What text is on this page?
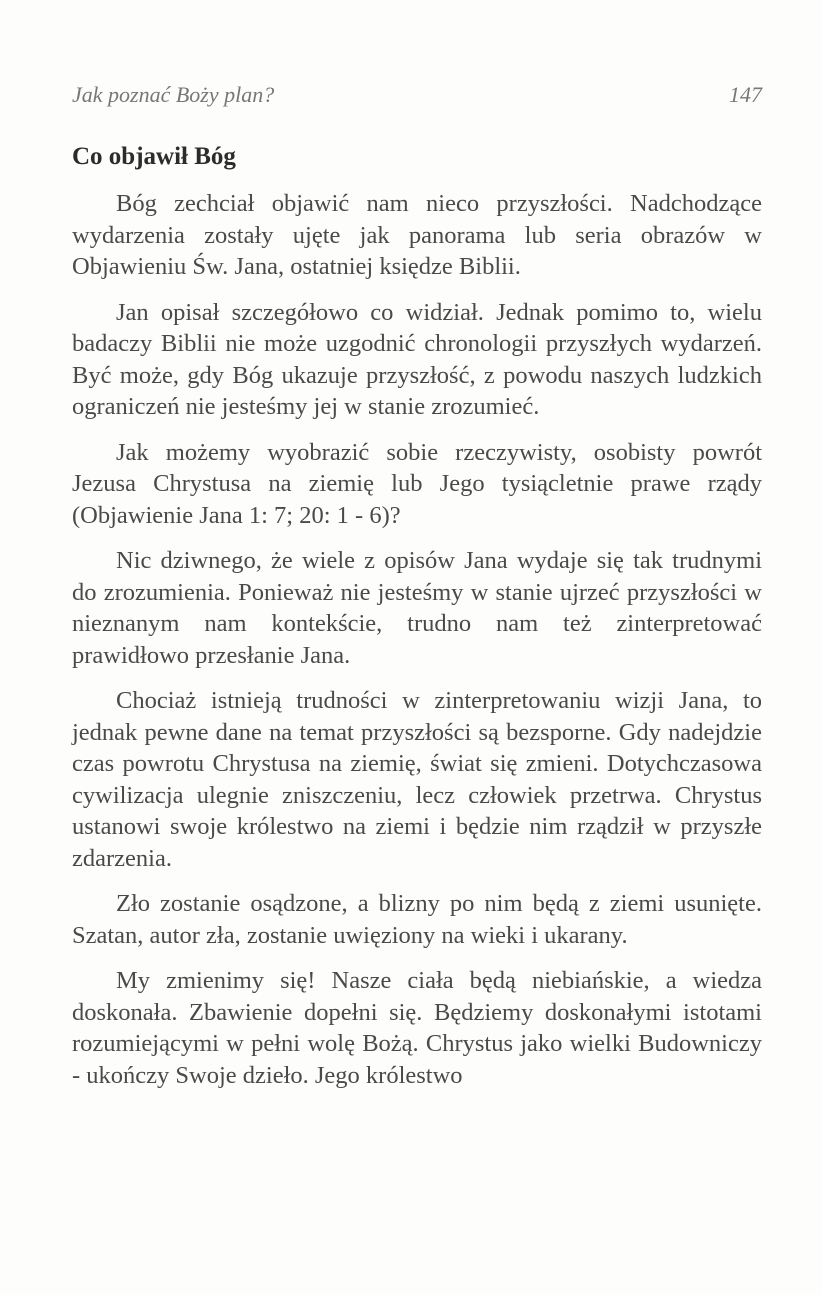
Jak poznać Boży plan?	147
Co objawił Bóg

Bóg zechciał objawić nam nieco przyszłości. Nadchodzące wydarzenia zostały ujęte jak panorama lub seria obrazów w Objawieniu Św. Jana, ostatniej księdze Biblii.

Jan opisał szczegółowo co widział. Jednak pomimo to, wielu badaczy Biblii nie może uzgodnić chronologii przyszłych wydarzeń. Być może, gdy Bóg ukazuje przyszłość, z powodu naszych ludzkich ograniczeń nie jesteśmy jej w stanie zrozumieć.

Jak możemy wyobrazić sobie rzeczywisty, osobisty powrót Jezusa Chrystusa na ziemię lub Jego tysiącletnie prawe rządy (Objawienie Jana 1: 7; 20: 1 - 6)?

Nic dziwnego, że wiele z opisów Jana wydaje się tak trudnymi do zrozumienia. Ponieważ nie jesteśmy w stanie ujrzeć przyszłości w nieznanym nam kontekście, trudno nam też zinterpretować prawidłowo przesłanie Jana.

Chociaż istnieją trudności w zinterpretowaniu wizji Jana, to jednak pewne dane na temat przyszłości są bezsporne. Gdy nadejdzie czas powrotu Chrystusa na ziemię, świat się zmieni. Dotychczasowa cywilizacja ulegnie zniszczeniu, lecz człowiek przetrwa. Chrystus ustanowi swoje królestwo na ziemi i będzie nim rządził w przyszłe zdarzenia.

Zło zostanie osądzone, a blizny po nim będą z ziemi usunięte. Szatan, autor zła, zostanie uwięziony na wieki i ukarany.

My zmienimy się! Nasze ciała będą niebiańskie, a wiedza doskonała. Zbawienie dopełni się. Będziemy doskonałymi istotami rozumiejącymi w pełni wolę Bożą. Chrystus jako wielki Budowniczy - ukończy Swoje dzieło. Jego królestwo
